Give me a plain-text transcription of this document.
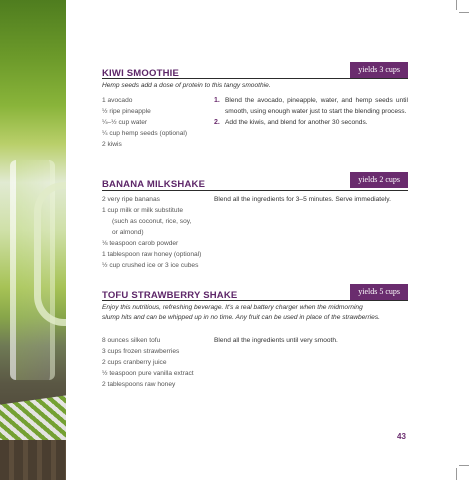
yields 3 cups
KIWI SMOOTHIE
Hemp seeds add a dose of protein to this tangy smoothie.
1 avocado
½ ripe pineapple
¼–½ cup water
¼ cup hemp seeds (optional)
2 kiwis
1. Blend the avocado, pineapple, water, and hemp seeds until smooth, using enough water just to start the blending process.
2. Add the kiwis, and blend for another 30 seconds.
yields 2 cups
BANANA MILKSHAKE
2 very ripe bananas
1 cup milk or milk substitute
(such as coconut, rice, soy,
or almond)
⅛ teaspoon carob powder
1 tablespoon raw honey (optional)
½ cup crushed ice or 3 ice cubes
Blend all the ingredients for 3–5 minutes. Serve immediately.
yields 5 cups
TOFU STRAWBERRY SHAKE
Enjoy this nutritious, refreshing beverage. It's a real battery charger when the midmorning slump hits and can be whipped up in no time. Any fruit can be used in place of the strawberries.
8 ounces silken tofu
3 cups frozen strawberries
2 cups cranberry juice
½ teaspoon pure vanilla extract
2 tablespoons raw honey
Blend all the ingredients until very smooth.
43
